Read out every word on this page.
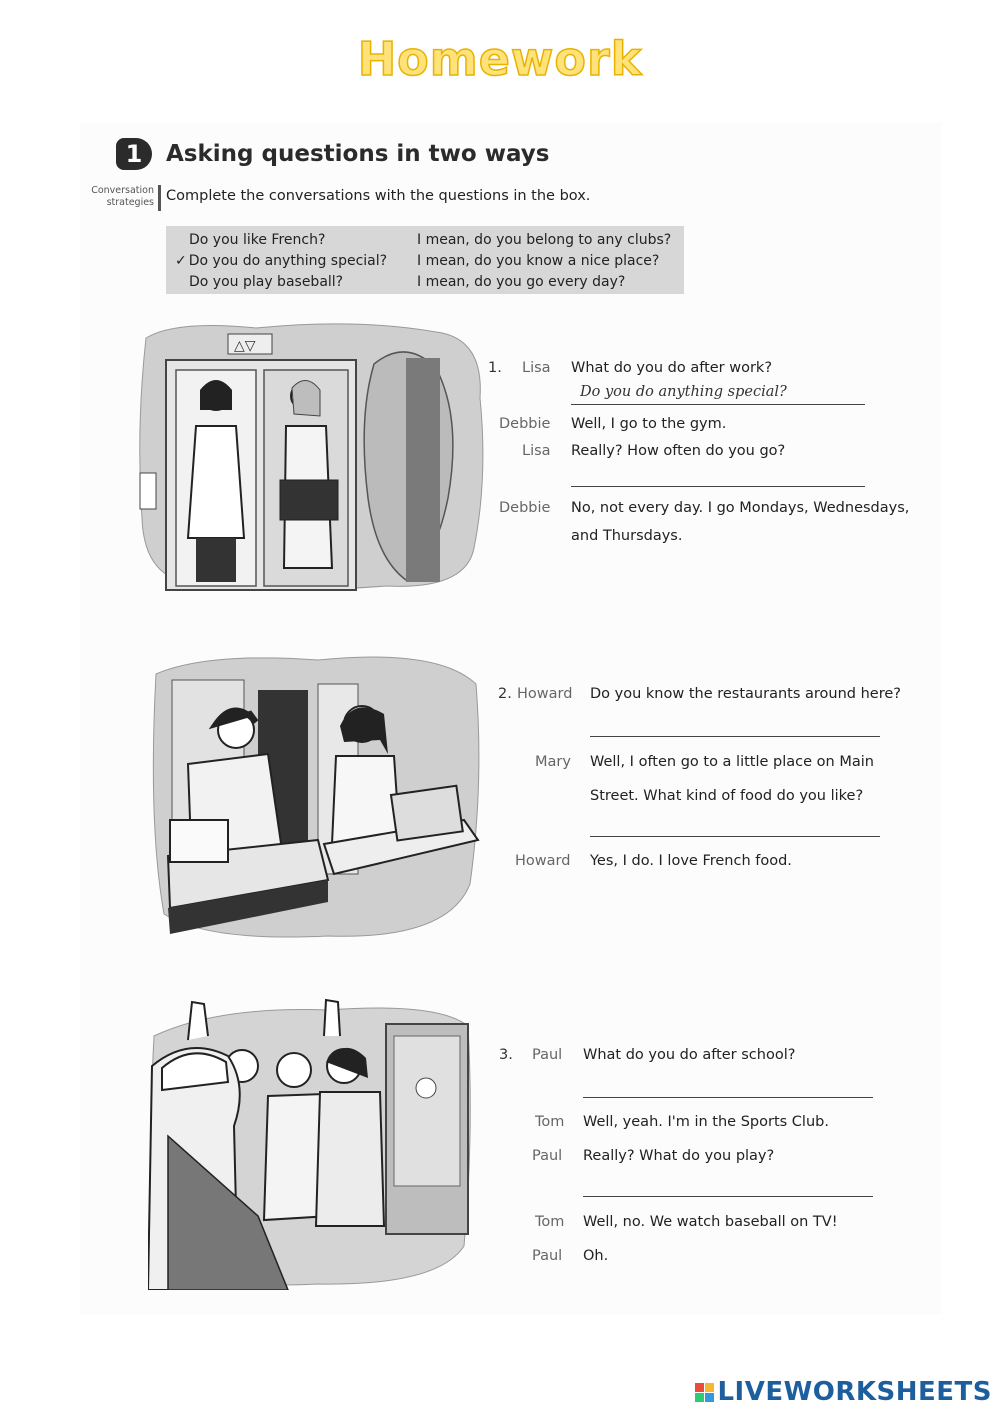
Homework
1	Asking questions in two ways
Conversation
strategies Complete the conversations with the questions in the box.
Do you like French?
✓ Do you do anything special?
Do you play baseball?
I mean, do you belong to any clubs?
I mean, do you know a nice place?
I mean, do you go every day?
△▽
1. Lisa What do you do after work?
Do you do anything special?
Debbie Well, I go to the gym.
Lisa Really? How often do you go?
Debbie No, not every day. I go Mondays, Wednesdays,
and Thursdays.
2. Howard Do you know the restaurants around here?
Mary Well, I often go to a little place on Main
Street. What kind of food do you like?
Howard Yes, I do. I love French food.
3. Paul What do you do after school?
Tom Well, yeah. I'm in the Sports Club.
Paul Really? What do you play?
Tom Well, no. We watch baseball on TV!
Paul Oh.
LIVEWORKSHEETS
